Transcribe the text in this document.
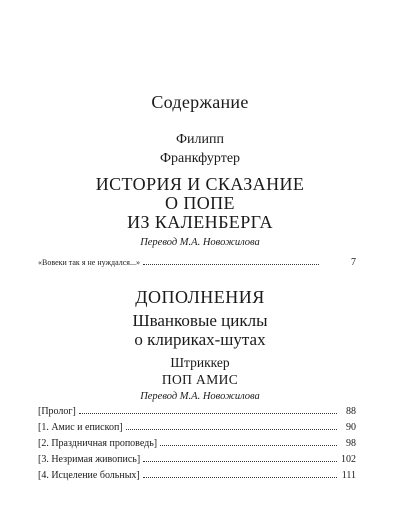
Содержание
Филипп
Франкфуртер
ИСТОРИЯ И СКАЗАНИЕ
О ПОПЕ
ИЗ КАЛЕНБЕРГА
Перевод М.А. Новожилова
«Вовеки так я не нуждался...»	7
ДОПОЛНЕНИЯ
Шванковые циклы
о клириках-шутах
Штриккер
ПОП АМИС
Перевод М.А. Новожилова
[Пролог]	88
[1. Амис и епископ]	90
[2. Праздничная проповедь]	98
[3. Незримая живопись]	102
[4. Исцеление больных]	111
